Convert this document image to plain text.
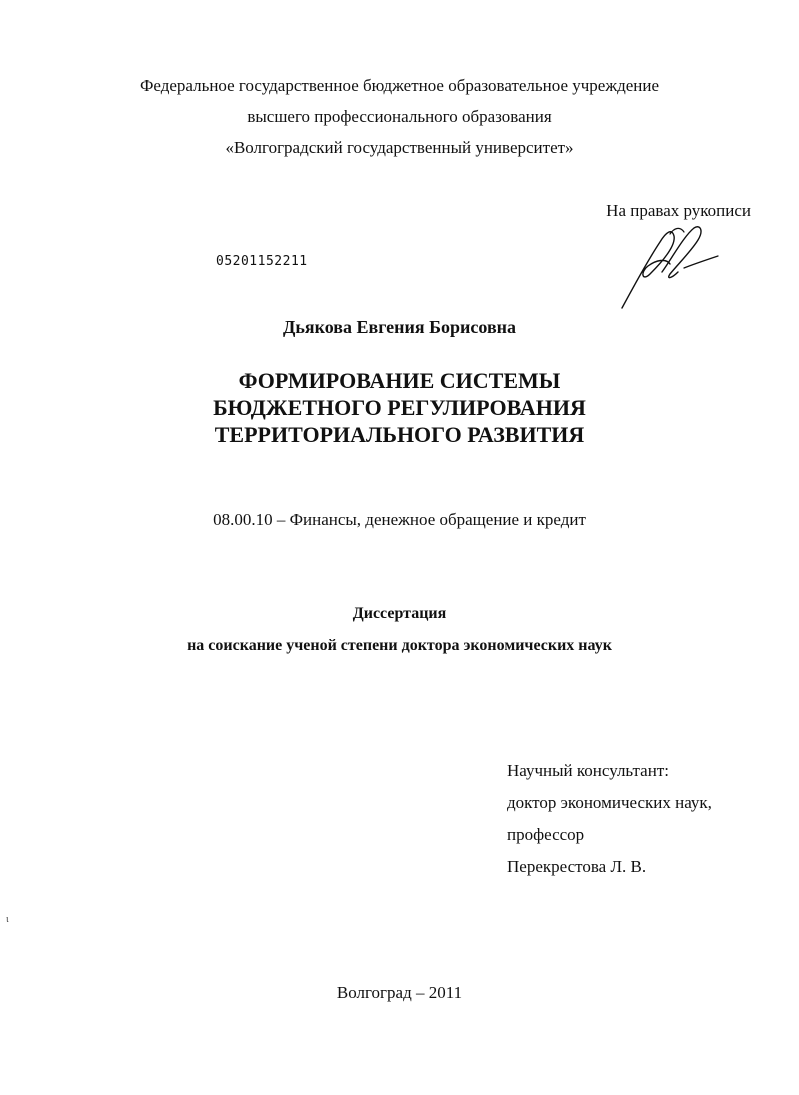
Федеральное государственное бюджетное образовательное учреждение
высшего профессионального образования
«Волгоградский государственный университет»
На правах рукописи
05201152211
Дьякова Евгения Борисовна
ФОРМИРОВАНИЕ СИСТЕМЫ
БЮДЖЕТНОГО РЕГУЛИРОВАНИЯ
ТЕРРИТОРИАЛЬНОГО РАЗВИТИЯ
08.00.10 – Финансы, денежное обращение и кредит
Диссертация
на соискание ученой степени доктора экономических наук
Научный консультант:
доктор экономических наук,
профессор
Перекрестова Л. В.
ι
Волгоград – 2011
